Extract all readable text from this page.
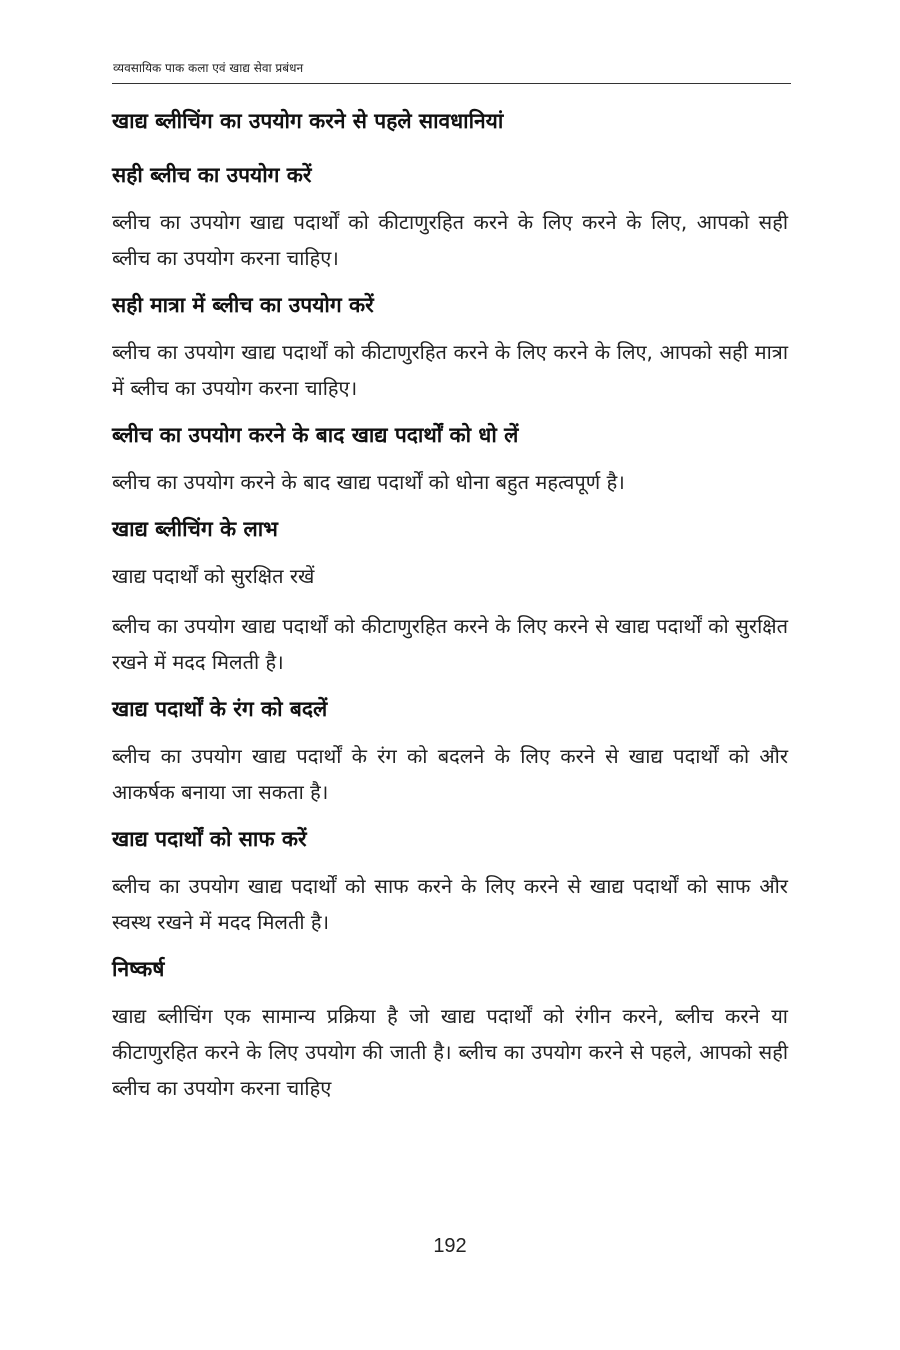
व्यवसायिक पाक कला एवं खाद्य सेवा प्रबंधन
खाद्य ब्लीचिंग का उपयोग करने से पहले सावधानियां
सही ब्लीच का उपयोग करें
ब्लीच का उपयोग खाद्य पदार्थों को कीटाणुरहित करने के लिए करने के लिए, आपको सही ब्लीच का उपयोग करना चाहिए।
सही मात्रा में ब्लीच का उपयोग करें
ब्लीच का उपयोग खाद्य पदार्थों को कीटाणुरहित करने के लिए करने के लिए, आपको सही मात्रा में ब्लीच का उपयोग करना चाहिए।
ब्लीच का उपयोग करने के बाद खाद्य पदार्थों को धो लें
ब्लीच का उपयोग करने के बाद खाद्य पदार्थों को धोना बहुत महत्वपूर्ण है।
खाद्य ब्लीचिंग के लाभ
खाद्य पदार्थों को सुरक्षित रखें
ब्लीच का उपयोग खाद्य पदार्थों को कीटाणुरहित करने के लिए करने से खाद्य पदार्थों को सुरक्षित रखने में मदद मिलती है।
खाद्य पदार्थों के रंग को बदलें
ब्लीच का उपयोग खाद्य पदार्थों के रंग को बदलने के लिए करने से खाद्य पदार्थों को और आकर्षक बनाया जा सकता है।
खाद्य पदार्थों को साफ करें
ब्लीच का उपयोग खाद्य पदार्थों को साफ करने के लिए करने से खाद्य पदार्थों को साफ और स्वस्थ रखने में मदद मिलती है।
निष्कर्ष
खाद्य ब्लीचिंग एक सामान्य प्रक्रिया है जो खाद्य पदार्थों को रंगीन करने, ब्लीच करने या कीटाणुरहित करने के लिए उपयोग की जाती है। ब्लीच का उपयोग करने से पहले, आपको सही ब्लीच का उपयोग करना चाहिए
192
